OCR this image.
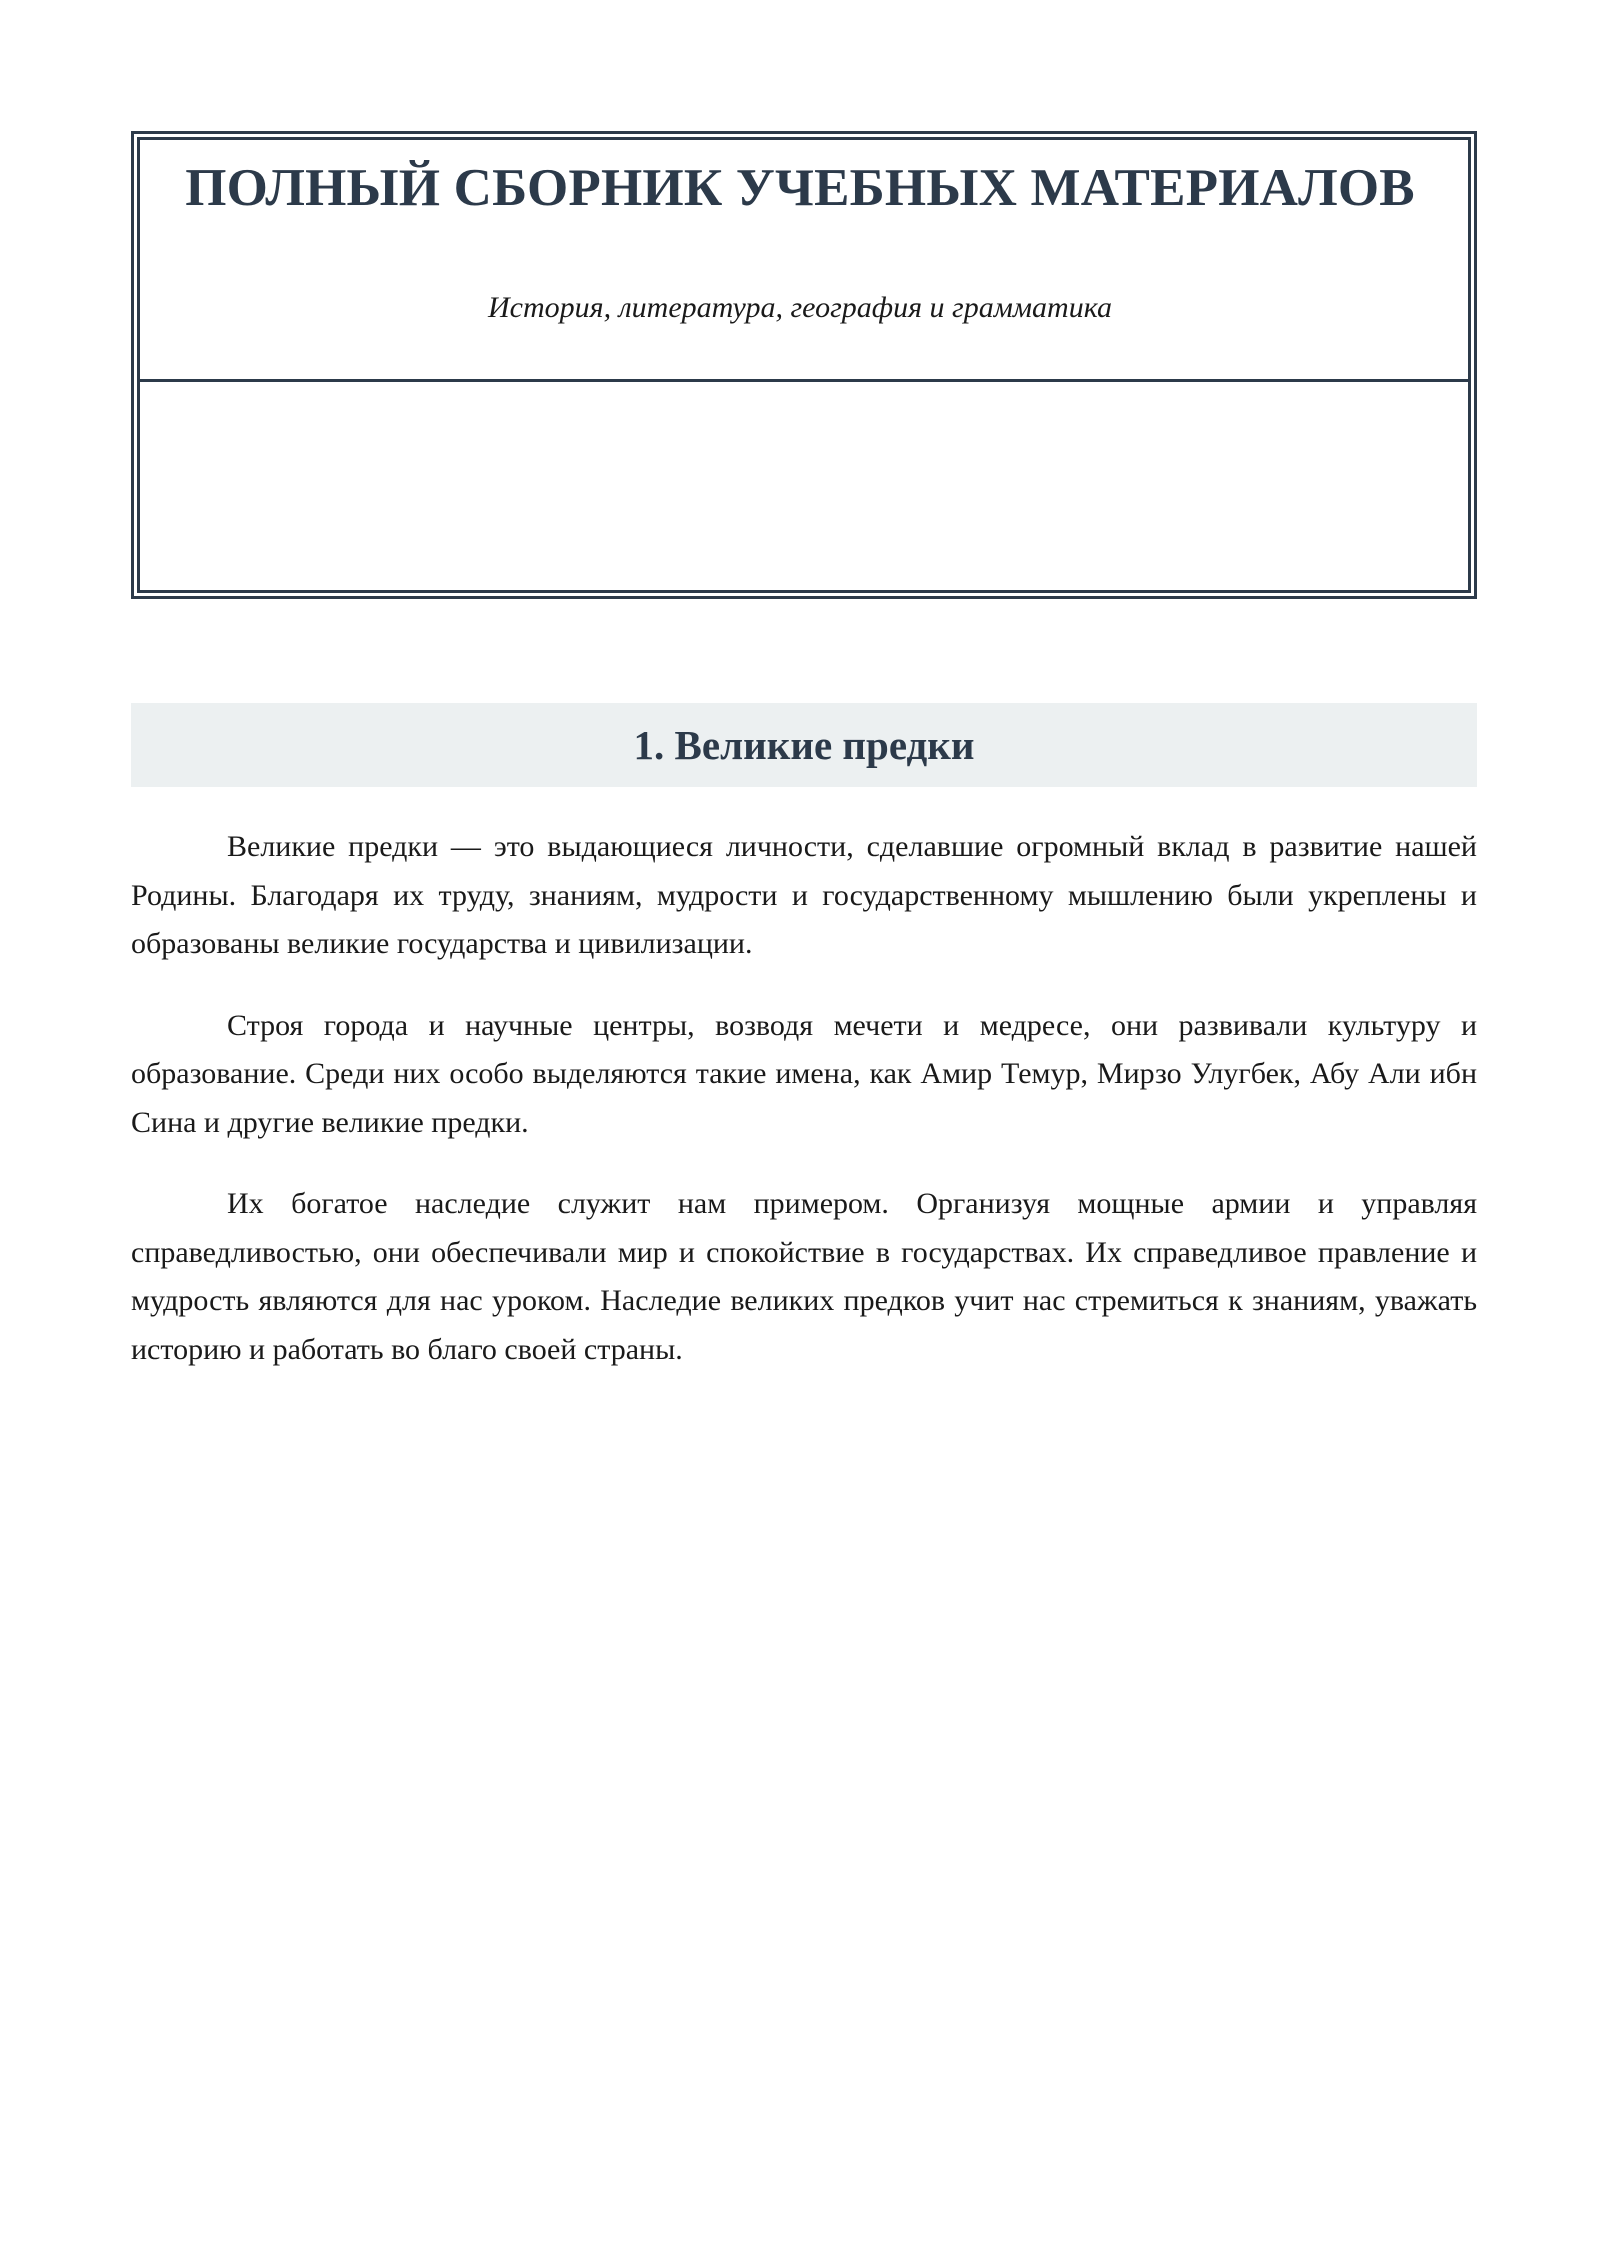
ПОЛНЫЙ СБОРНИК УЧЕБНЫХ МАТЕРИАЛОВ

История, литература, география и грамматика

1. Великие предки

Великие предки — это выдающиеся личности, сделавшие огромный вклад в развитие нашей Родины. Благодаря их труду, знаниям, мудрости и государственному мышлению были укреплены и образованы великие государства и цивилизации.

Строя города и научные центры, возводя мечети и медресе, они развивали культуру и образование. Среди них особо выделяются такие имена, как Амир Темур, Мирзо Улугбек, Абу Али ибн Сина и другие великие предки.

Их богатое наследие служит нам примером. Организуя мощные армии и управляя справедливостью, они обеспечивали мир и спокойствие в государствах. Их справедливое правление и мудрость являются для нас уроком. Наследие великих предков учит нас стремиться к знаниям, уважать историю и работать во благо своей страны.
